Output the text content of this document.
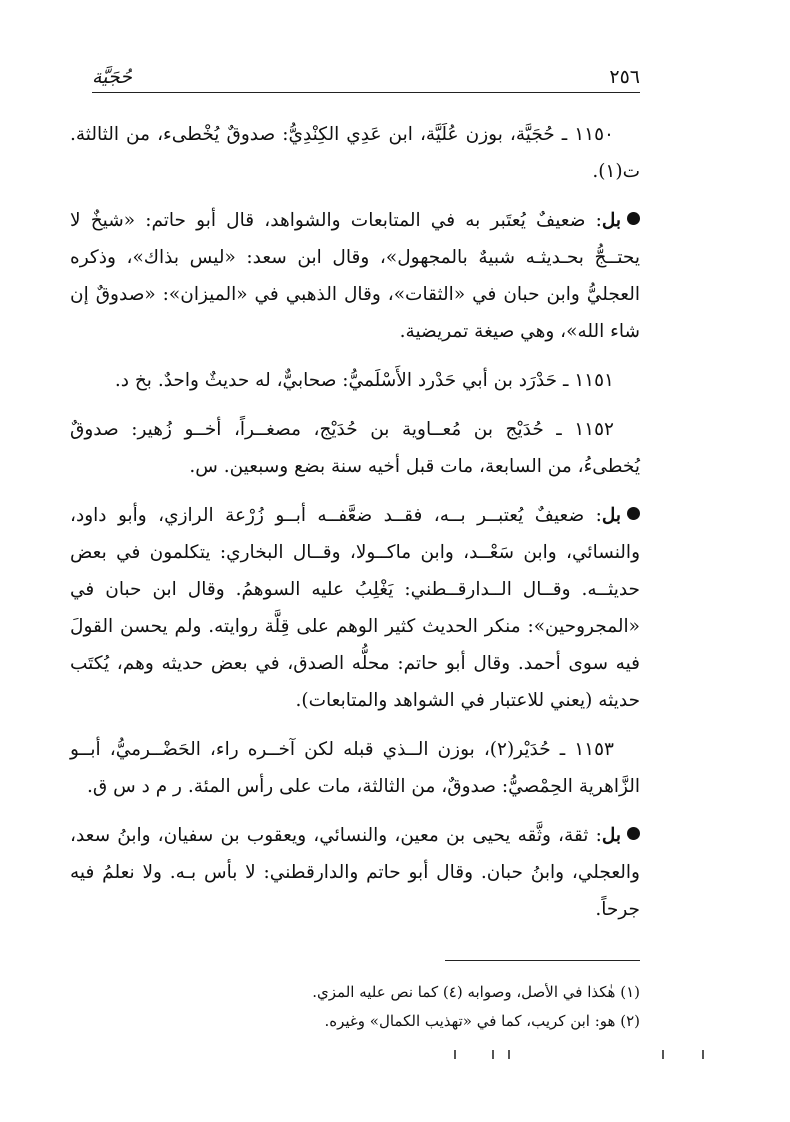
٢٥٦
حُجَيَّة

١١٥٠ ـ حُجَيَّة، بوزن عُلَيَّة، ابن عَدِي الكِنْدِيُّ: صدوقٌ يُخْطىء، من الثالثة. ت(١).

بل: ضعيفٌ يُعتَبر به في المتابعات والشواهد، قال أبو حاتم: «شيخٌ لا يحتــجُّ بحـديثـه شبيهٌ بالمجهول»، وقال ابن سعد: «ليس بذاك»، وذكره العجليُّ وابن حبان في «الثقات»، وقال الذهبي في «الميزان»: «صدوقٌ إن شاء الله»، وهي صيغة تمريضية.

١١٥١ ـ حَدْرَد بن أبي حَدْرد الأَسْلَميُّ: صحابيٌّ، له حديثٌ واحدٌ. بخ د.

١١٥٢ ـ حُدَيْج بن مُعــاوية بن حُدَيْج، مصغــراً، أخــو زُهير: صدوقٌ يُخطىءُ، من السابعة، مات قبل أخيه سنة بضع وسبعين. س.

بل: ضعيفٌ يُعتبــر بــه، فقــد ضعَّفــه أبــو زُرْعة الرازي، وأبو داود، والنسائي، وابن سَعْــد، وابن ماكــولا، وقــال البخاري: يتكلمون في بعض حديثــه. وقــال الــدارقــطني: يَغْلِبُ عليه السوهمُ. وقال ابن حبان في «المجروحين»: منكر الحديث كثير الوهم على قِلَّة روايته. ولم يحسن القولَ فيه سوى أحمد. وقال أبو حاتم: محلُّه الصدق، في بعض حديثه وهم، يُكتَب حديثه (يعني للاعتبار في الشواهد والمتابعات).

١١٥٣ ـ حُدَيْر(٢)، بوزن الــذي قبله لكن آخــره راء، الحَضْــرميُّ، أبــو الزَّاهرية الحِمْصيُّ: صدوقٌ، من الثالثة، مات على رأس المئة. ر م د س ق.

بل: ثقة، وثَّقه يحيى بن معين، والنسائي، ويعقوب بن سفيان، وابنُ سعد، والعجلي، وابنُ حبان. وقال أبو حاتم والدارقطني: لا بأس بـه. ولا نعلمُ فيه جرحاً.

(١) هٰكذا في الأصل، وصوابه (٤) كما نص عليه المزي.
(٢) هو: ابن كريب، كما في «تهذيب الكمال» وغيره.
